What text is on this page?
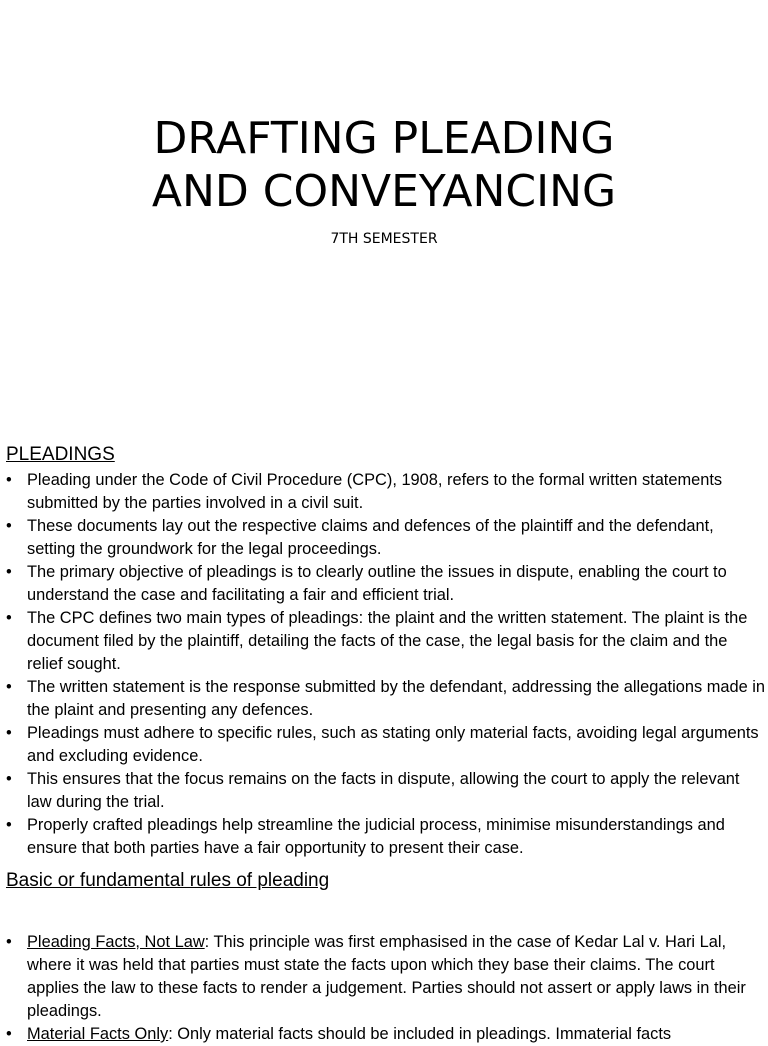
DRAFTING PLEADING
AND CONVEYANCING
7TH SEMESTER
PLEADINGS
• Pleading under the Code of Civil Procedure (CPC), 1908, refers to the formal written statements submitted by the parties involved in a civil suit.
• These documents lay out the respective claims and defences of the plaintiff and the defendant, setting the groundwork for the legal proceedings.
• The primary objective of pleadings is to clearly outline the issues in dispute, enabling the court to understand the case and facilitating a fair and efficient trial.
• The CPC defines two main types of pleadings: the plaint and the written statement. The plaint is the document filed by the plaintiff, detailing the facts of the case, the legal basis for the claim and the relief sought.
• The written statement is the response submitted by the defendant, addressing the allegations made in the plaint and presenting any defences.
• Pleadings must adhere to specific rules, such as stating only material facts, avoiding legal arguments and excluding evidence.
• This ensures that the focus remains on the facts in dispute, allowing the court to apply the relevant law during the trial.
• Properly crafted pleadings help streamline the judicial process, minimise misunderstandings and ensure that both parties have a fair opportunity to present their case.
Basic or fundamental rules of pleading
• Pleading Facts, Not Law: This principle was first emphasised in the case of Kedar Lal v. Hari Lal, where it was held that parties must state the facts upon which they base their claims. The court applies the law to these facts to render a judgement. Parties should not assert or apply laws in their pleadings.
• Material Facts Only: Only material facts should be included in pleadings. Immaterial facts
